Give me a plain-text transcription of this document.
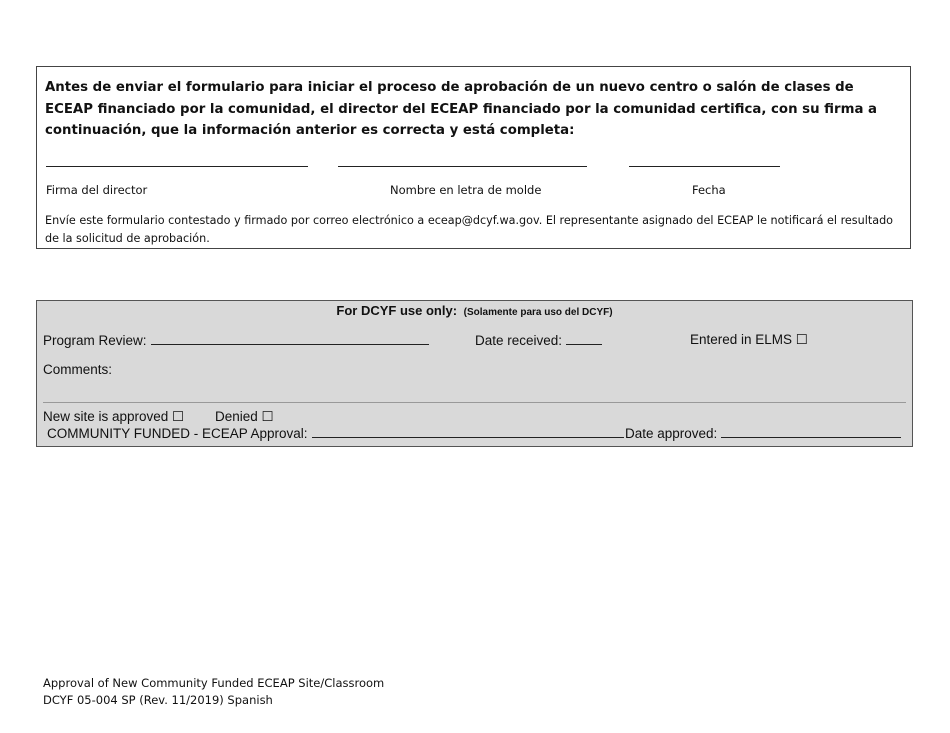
Antes de enviar el formulario para iniciar el proceso de aprobación de un nuevo centro o salón de clases de ECEAP financiado por la comunidad, el director del ECEAP financiado por la comunidad certifica, con su firma a continuación, que la información anterior es correcta y está completa:

Firma del director	Nombre en letra de molde	Fecha

Envíe este formulario contestado y firmado por correo electrónico a eceap@dcyf.wa.gov. El representante asignado del ECEAP le notificará el resultado de la solicitud de aprobación.

For DCYF use only: (Solamente para uso del DCYF)
Program Review:	Date received:	Entered in ELMS ☐
Comments:
New site is approved ☐ Denied ☐
COMMUNITY FUNDED - ECEAP Approval:	Date approved:
Approval of New Community Funded ECEAP Site/Classroom
DCYF 05-004 SP (Rev. 11/2019) Spanish
